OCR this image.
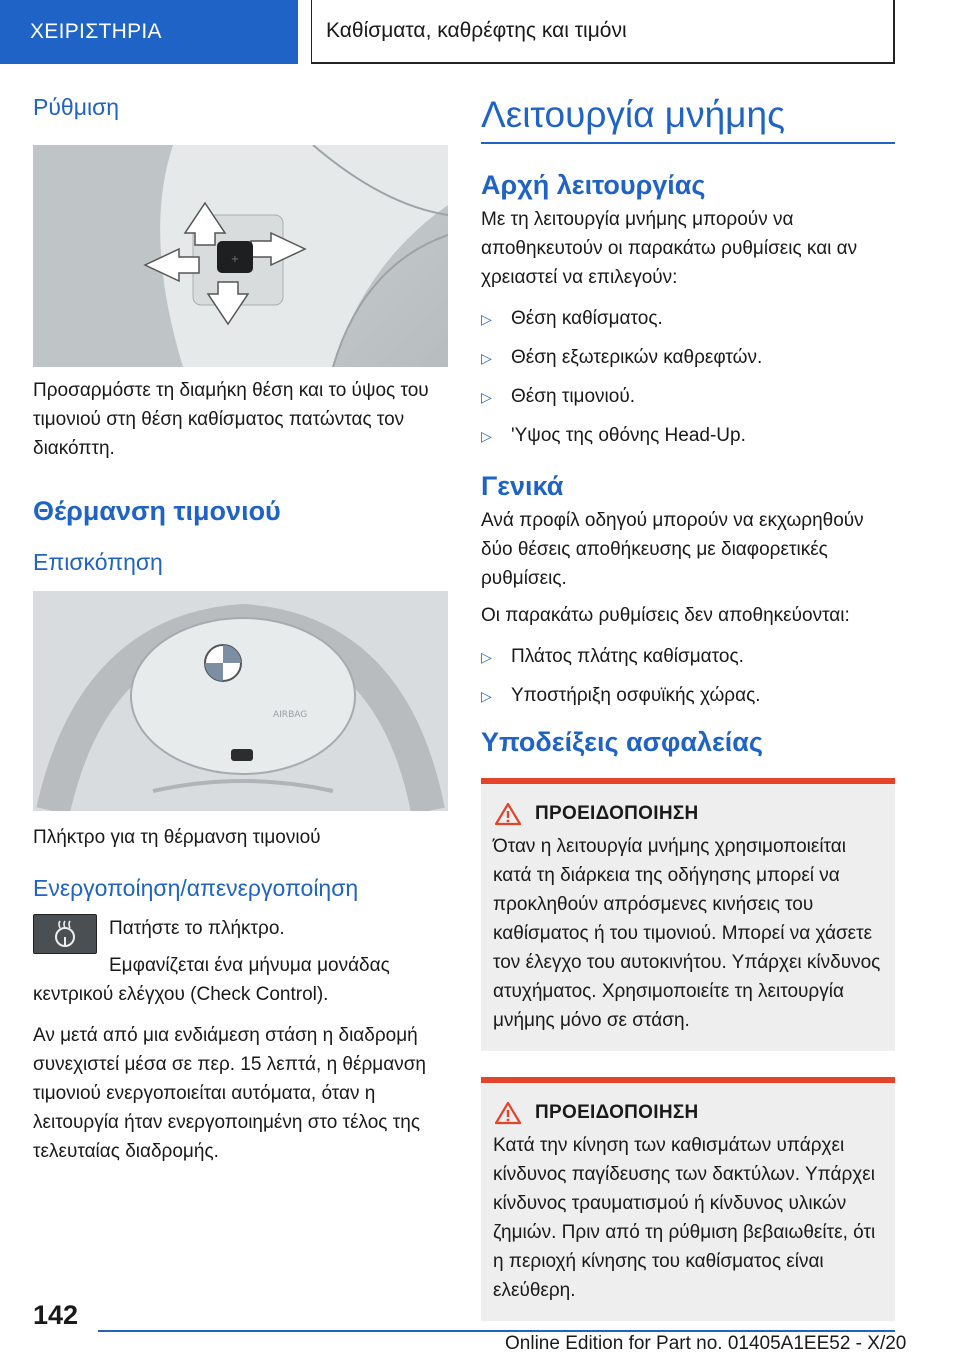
ΧΕΙΡΙΣΤΗΡΙΑ	Καθίσματα, καθρέφτης και τιμόνι
Ρύθμιση
+

Προσαρμόστε τη διαμήκη θέση και το ύψος του τιμονιού στη θέση καθίσματος πατώντας τον διακόπτη.

Θέρμανση τιμονιού
Επισκόπηση
AIRBAG

Πλήκτρο για τη θέρμανση τιμονιού

Ενεργοποίηση/απενεργοποίηση

Πατήστε το πλήκτρο.

Εμφανίζεται ένα μήνυμα μονάδας κεντρικού ελέγχου (Check Control).

Αν μετά από μια ενδιάμεση στάση η διαδρομή συνεχιστεί μέσα σε περ. 15 λεπτά, η θέρμανση τιμονιού ενεργοποιείται αυτόματα, όταν η λειτουργία ήταν ενεργοποιημένη στο τέλος της τελευταίας διαδρομής.

Λειτουργία μνήμης
Αρχή λειτουργίας

Με τη λειτουργία μνήμης μπορούν να αποθηκευτούν οι παρακάτω ρυθμίσεις και αν χρειαστεί να επιλεγούν:

▷	Θέση καθίσματος.
▷	Θέση εξωτερικών καθρεφτών.
▷	Θέση τιμονιού.
▷	'Υψος της οθόνης Head-Up.
Γενικά

Ανά προφίλ οδηγού μπορούν να εκχωρηθούν δύο θέσεις αποθήκευσης με διαφορετικές ρυθμίσεις.

Οι παρακάτω ρυθμίσεις δεν αποθηκεύονται:

▷	Πλάτος πλάτης καθίσματος.
▷	Υποστήριξη οσφυϊκής χώρας.
Υποδείξεις ασφαλείας
ΠΡΟΕΙΔΟΠΟΙΗΣΗ
Όταν η λειτουργία μνήμης χρησιμοποιείται κατά τη διάρκεια της οδήγησης μπορεί να προκληθούν απρόσμενες κινήσεις του καθίσματος ή του τιμονιού. Μπορεί να χάσετε τον έλεγχο του αυτοκινήτου. Υπάρχει κίνδυνος ατυχήματος. Χρησιμοποιείτε τη λειτουργία μνήμης μόνο σε στάση.
ΠΡΟΕΙΔΟΠΟΙΗΣΗ
Κατά την κίνηση των καθισμάτων υπάρχει κίνδυνος παγίδευσης των δακτύλων. Υπάρχει κίνδυνος τραυματισμού ή κίνδυνος υλικών ζημιών. Πριν από τη ρύθμιση βεβαιωθείτε, ότι η περιοχή κίνησης του καθίσματος είναι ελεύθερη.
142
Online Edition for Part no. 01405A1EE52 - X/20
